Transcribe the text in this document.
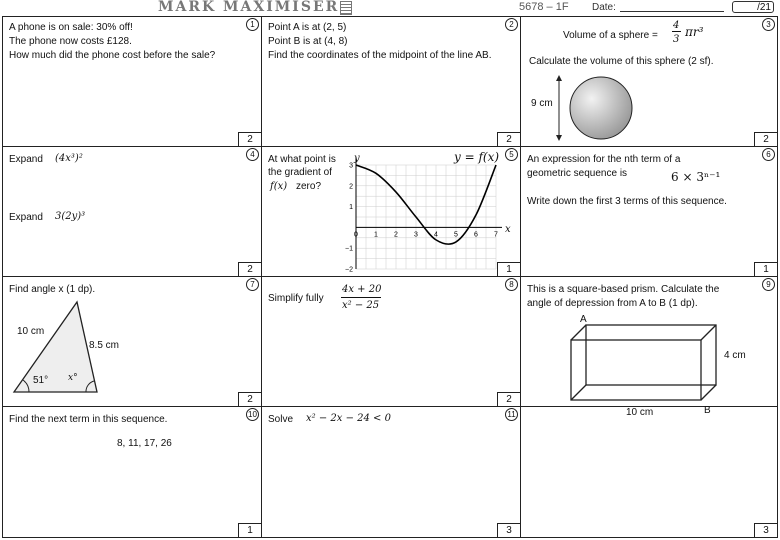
MARK MAXIMISER	5678 – 1F Date:	/21
1
A phone is on sale: 30% off!
The phone now costs £128.
How much did the phone cost before the sale?
2
2
Point A is at (2, 5)
Point B is at (4, 8)
Find the coordinates of the midpoint of the line AB.
2
3
Volume of a sphere =
4
3
πr³
Calculate the volume of this sphere (2 sf).
9 cm
2
4
Expand (4x³)²
Expand 3(2y)³
2
5
0 1 2 3 4 5 6 7
3
2
1
−1
−2
At what point is
the gradient of
f(x) zero?
y = f(x)
y
x
1
6
An expression for the nth term of a
geometric sequence is	6 × 3ⁿ⁻¹
Write down the first 3 terms of this sequence.
1
7
Find angle x (1 dp).
10 cm
8.5 cm
51° x°
2
8
Simplify fully
4x + 20
x² − 25
2
9
This is a square-based prism. Calculate the
angle of depression from A to B (1 dp).
A
B
4 cm
10 cm
10
Find the next term in this sequence.
8, 11, 17, 26
1
11
Solve x² − 2x − 24 < 0
3	3
